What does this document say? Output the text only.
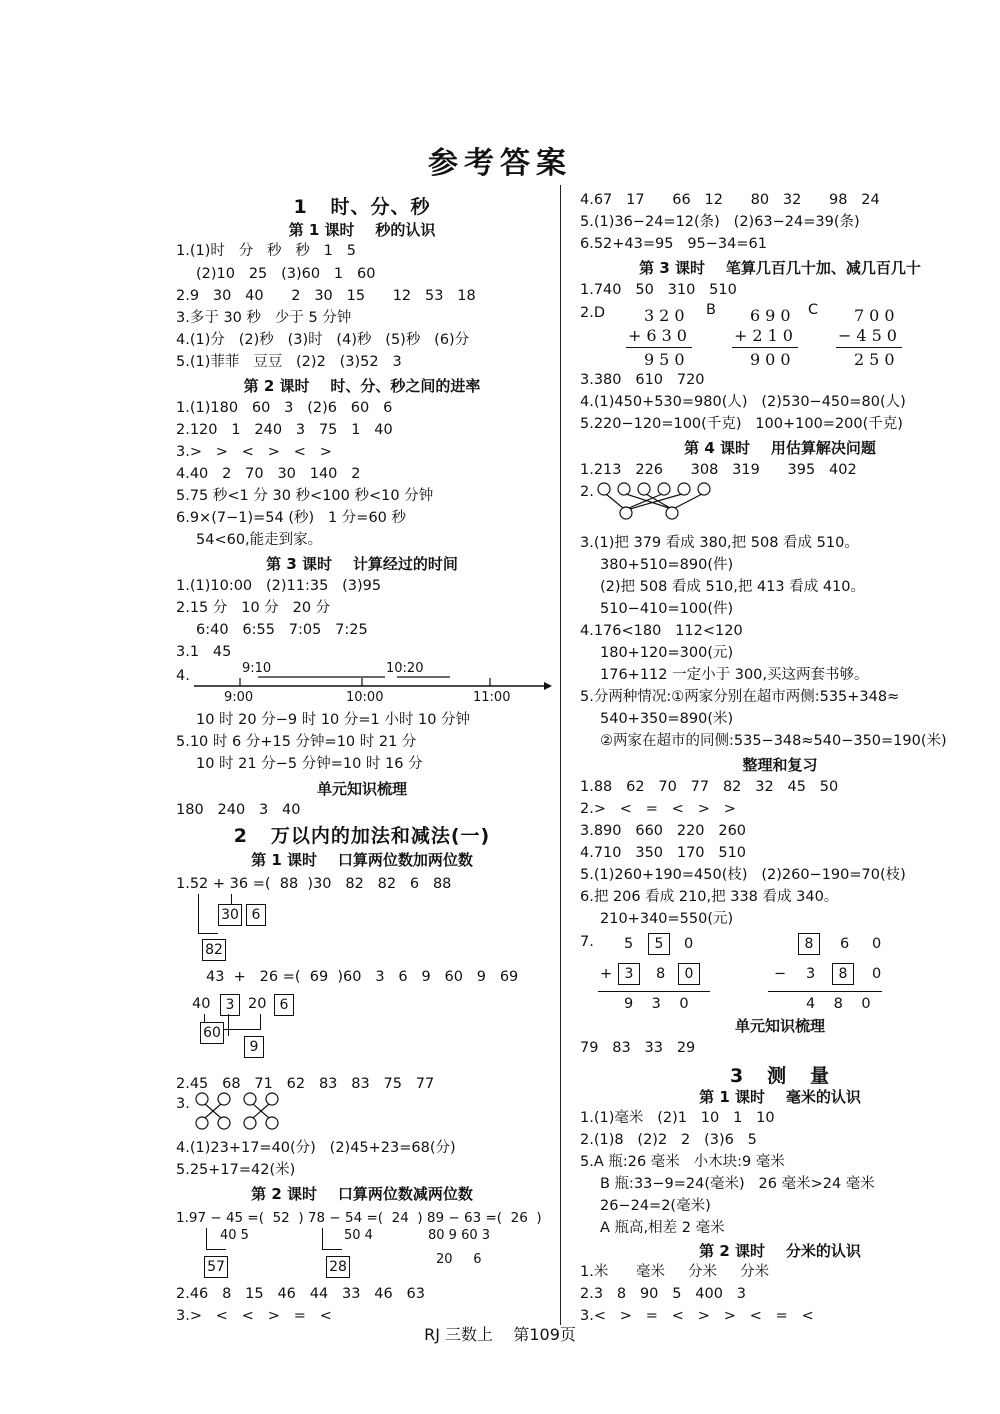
参考答案
1   时、分、秒
第 1 课时    秒的认识
1.(1)时   分   秒   秒   1   5
(2)10   25   (3)60   1   60
2.9   30   40      2   30   15      12   53   18
3.多于 30 秒   少于 5 分钟
4.(1)分   (2)秒   (3)时   (4)秒   (5)秒   (6)分
5.(1)菲菲   豆豆   (2)2   (3)52   3
第 2 课时    时、分、秒之间的进率
1.(1)180   60   3   (2)6   60   6
2.120   1   240   3   75   1   40
3.>   >   <   >   <   >
4.40   2   70   30   140   2
5.75 秒<1 分 30 秒<100 秒<10 分钟
6.9×(7−1)=54 (秒)   1 分=60 秒
54<60,能走到家。
第 3 课时    计算经过的时间
1.(1)10:00   (2)11:35   (3)95
2.15 分   10 分   20 分
6:40   6:55   7:05   7:25
3.1   45
4.	9:10	10:20
9:00	10:00	11:00
10 时 20 分−9 时 10 分=1 小时 10 分钟
5.10 时 6 分+15 分钟=10 时 21 分
10 时 21 分−5 分钟=10 时 16 分
单元知识梳理
180   240   3   40
2   万以内的加法和减法(一)
第 1 课时    口算两位数加两位数
1.52 + 36 =(  88  )30   82   82   6   88
30 6
82
43  +   26 =(  69  )60   3   6   9   60   9   69
40	3 20 6
60
9
2.45   68   71   62   83   83   75   77
3.
4.(1)23+17=40(分)   (2)45+23=68(分)
5.25+17=42(米)
第 2 课时    口算两位数减两位数
1.97 − 45 =(  52  ) 78 − 54 =(  24  ) 89 − 63 =(  26  )
40 5	50 4	80 9 60 3
20     6
57	28
2.46   8   15   46   44   33   46   63
3.>   <   <   >   =   <
4.67   17      66   12      80   32      98   24
5.(1)36−24=12(条)   (2)63−24=39(条)
6.52+43=95   95−34=61
第 3 课时    笔算几百几十加、减几百几十
1.740   50   310   510
2.D 320
+630
950
B 690
+210
900
C 700
−450
250
3.380   610   720
4.(1)450+530=980(人)   (2)530−450=80(人)
5.220−120=100(千克)   100+100=200(千克)
第 4 课时    用估算解决问题
1.213   226      308   319      395   402
2.
3.(1)把 379 看成 380,把 508 看成 510。
380+510=890(件)
(2)把 508 看成 510,把 413 看成 410。
510−410=100(件)
4.176<180   112<120
180+120=300(元)
176+112 一定小于 300,买这两套书够。
5.分两种情况:①两家分别在超市两侧:535+348≈
540+350=890(米)
②两家在超市的同侧:535−348≈540−350=190(米)
整理和复习
1.88   62   70   77   82   32   45   50
2.>   <   =   <   >   >
3.890   660   220   260
4.710   350   170   510
5.(1)260+190=450(枝)   (2)260−190=70(枝)
6.把 206 看成 210,把 338 看成 340。
210+340=550(元)
7. 5	5	0
+ 3	8	0
9    3    0
8	6 0
− 3	8	0
4    8    0
单元知识梳理
79   83   33   29
3   测   量
第 1 课时    毫米的认识
1.(1)毫米   (2)1   10   1   10
2.(1)8   (2)2   2   (3)6   5
5.A 瓶:26 毫米   小木块:9 毫米
B 瓶:33−9=24(毫米)   26 毫米>24 毫米
26−24=2(毫米)
A 瓶高,相差 2 毫米
第 2 课时    分米的认识
1.米      毫米     分米     分米
2.3   8   90   5   400   3
3.<   >   =   <   >   >   <   =   <
RJ 三数上    第109页
